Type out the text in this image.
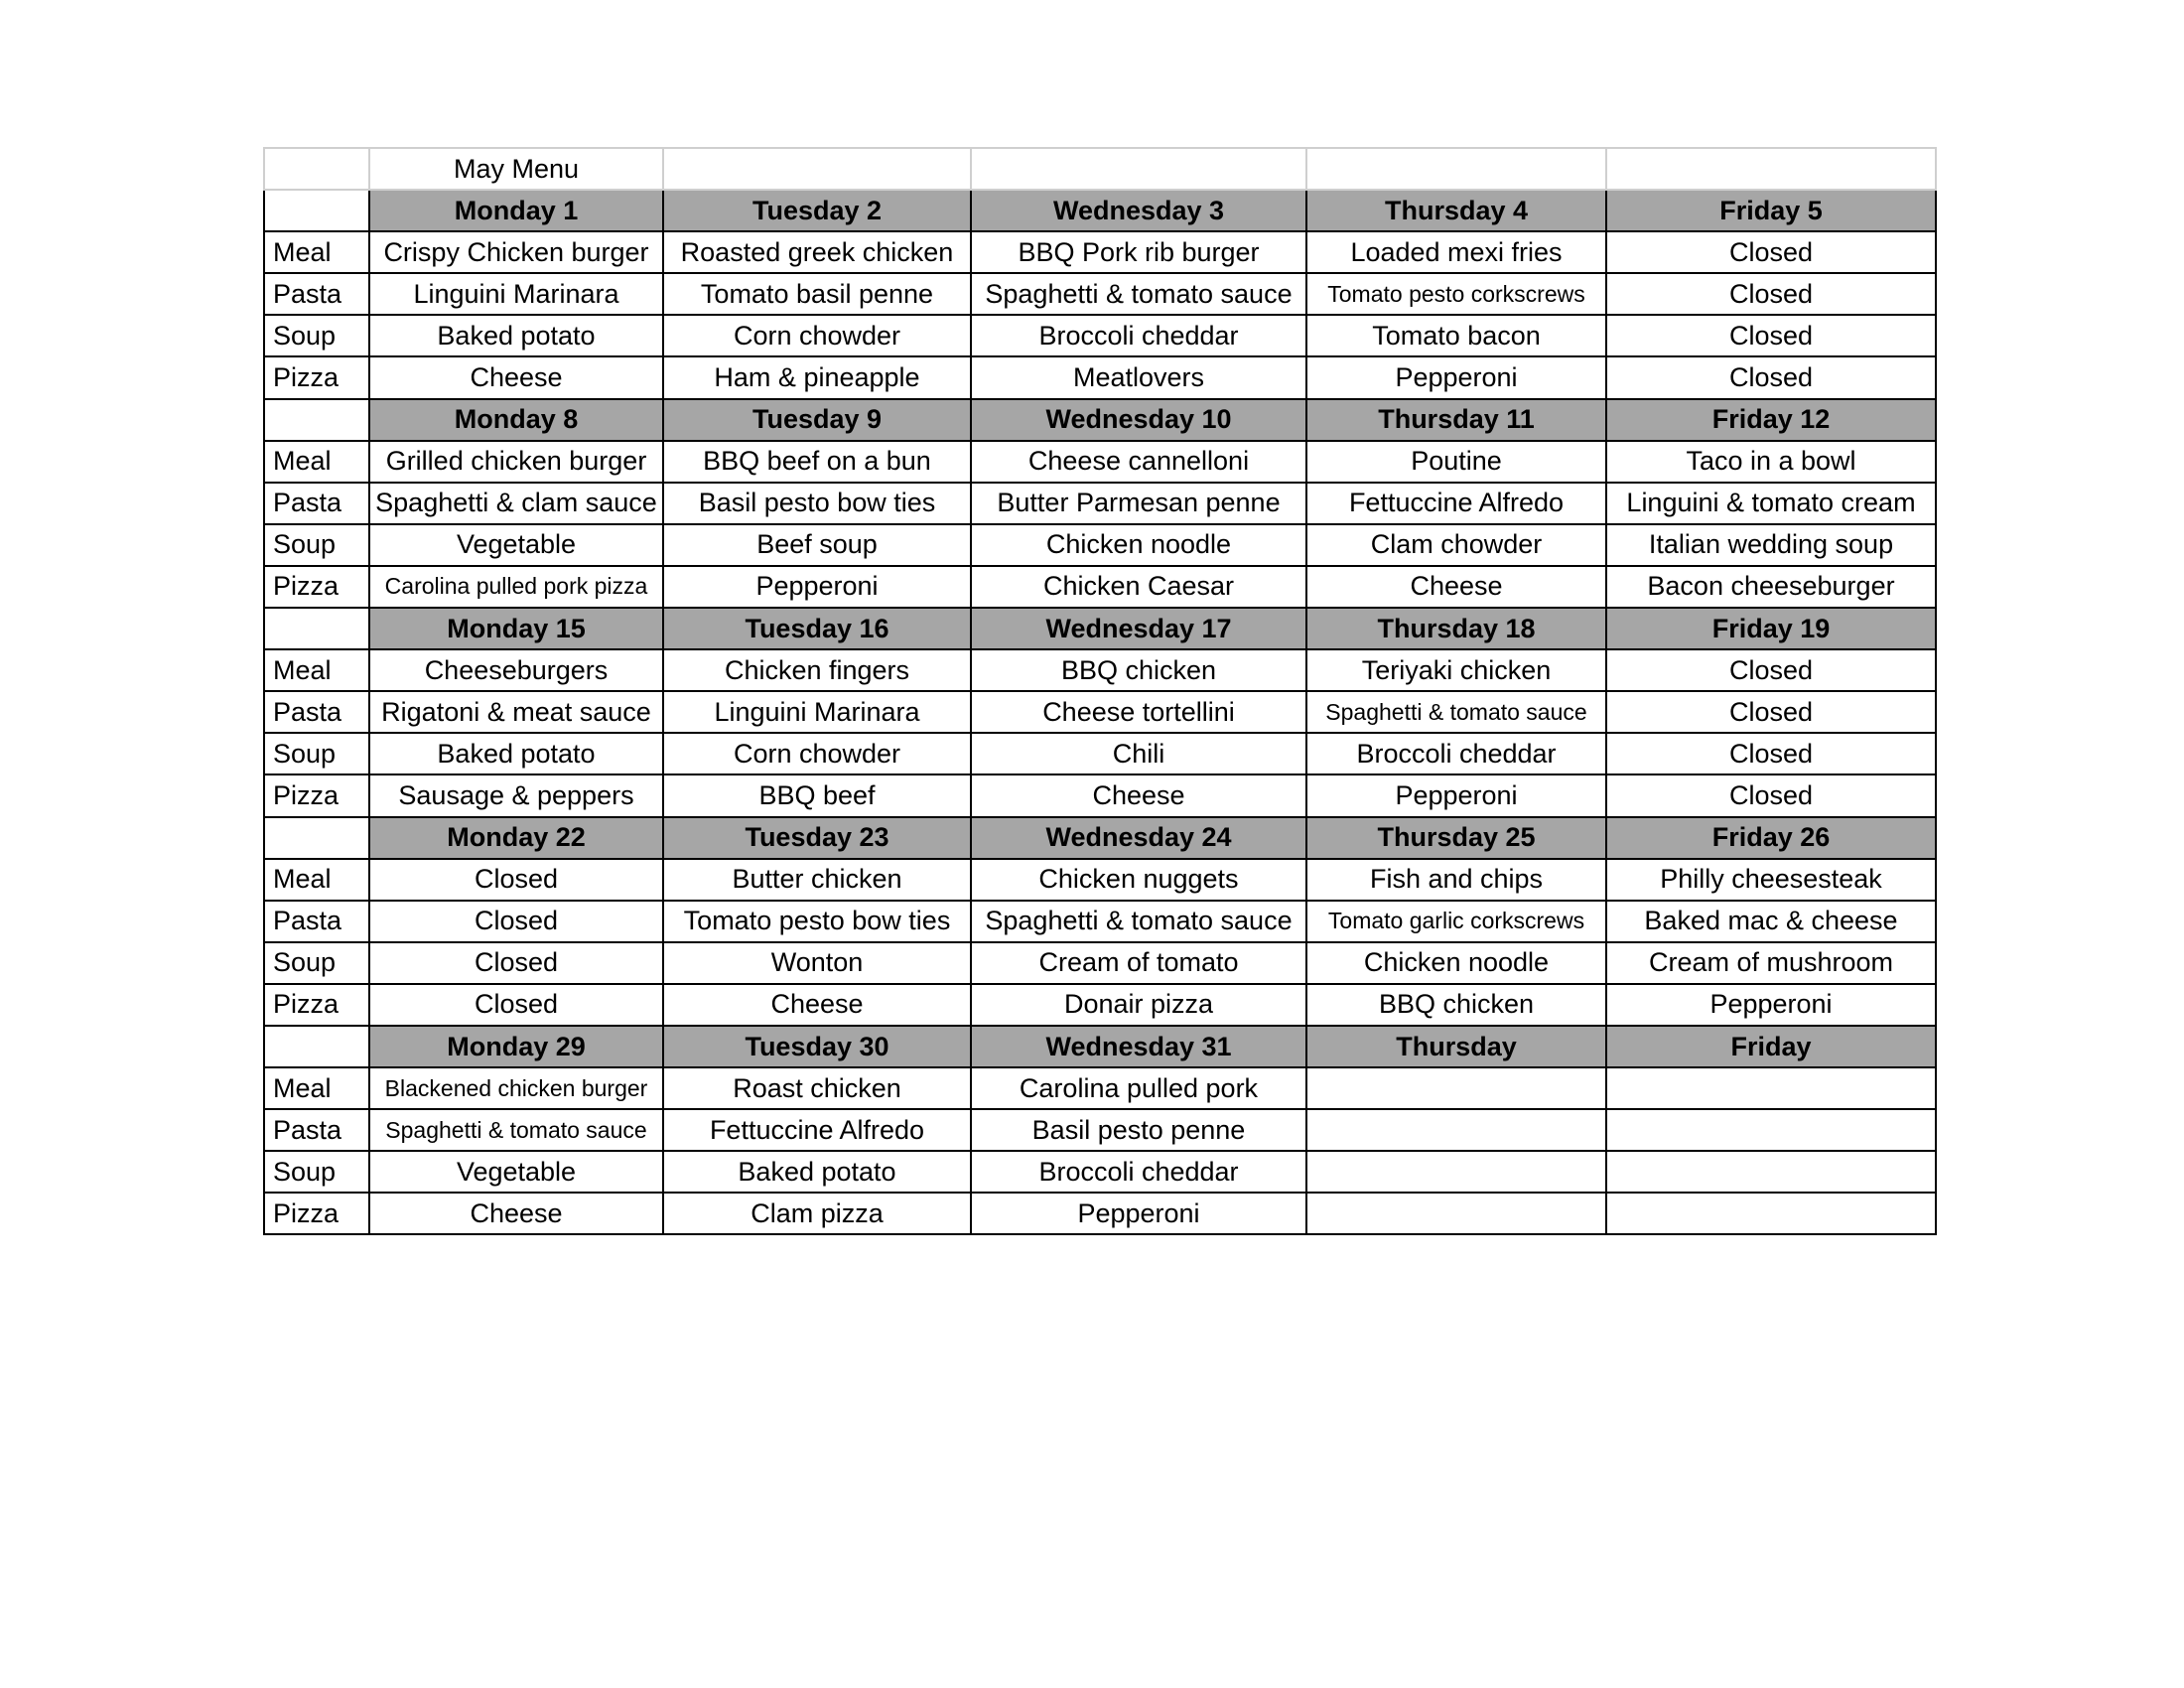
	May Menu				
	Monday 1	Tuesday 2	Wednesday 3	Thursday 4	Friday 5
Meal	Crispy Chicken burger	Roasted greek chicken	BBQ Pork rib burger	Loaded mexi fries	Closed
Pasta	Linguini Marinara	Tomato basil penne	Spaghetti & tomato sauce	Tomato pesto corkscrews	Closed
Soup	Baked potato	Corn chowder	Broccoli cheddar	Tomato bacon	Closed
Pizza	Cheese	Ham & pineapple	Meatlovers	Pepperoni	Closed
	Monday 8	Tuesday 9	Wednesday 10	Thursday 11	Friday 12
Meal	Grilled chicken burger	BBQ beef on a bun	Cheese cannelloni	Poutine	Taco in a bowl
Pasta	Spaghetti & clam sauce	Basil pesto bow ties	Butter Parmesan penne	Fettuccine Alfredo	Linguini & tomato cream
Soup	Vegetable	Beef soup	Chicken noodle	Clam chowder	Italian wedding soup
Pizza	Carolina pulled pork pizza	Pepperoni	Chicken Caesar	Cheese	Bacon cheeseburger
	Monday 15	Tuesday 16	Wednesday 17	Thursday 18	Friday 19
Meal	Cheeseburgers	Chicken fingers	BBQ chicken	Teriyaki chicken	Closed
Pasta	Rigatoni & meat sauce	Linguini Marinara	Cheese tortellini	Spaghetti & tomato sauce	Closed
Soup	Baked potato	Corn chowder	Chili	Broccoli cheddar	Closed
Pizza	Sausage & peppers	BBQ beef	Cheese	Pepperoni	Closed
	Monday 22	Tuesday 23	Wednesday 24	Thursday 25	Friday 26
Meal	Closed	Butter chicken	Chicken nuggets	Fish and chips	Philly cheesesteak
Pasta	Closed	Tomato pesto bow ties	Spaghetti & tomato sauce	Tomato garlic corkscrews	Baked mac & cheese
Soup	Closed	Wonton	Cream of tomato	Chicken noodle	Cream of mushroom
Pizza	Closed	Cheese	Donair pizza	BBQ chicken	Pepperoni
	Monday 29	Tuesday 30	Wednesday 31	Thursday	Friday
Meal	Blackened chicken burger	Roast chicken	Carolina pulled pork		
Pasta	Spaghetti & tomato sauce	Fettuccine Alfredo	Basil pesto penne		
Soup	Vegetable	Baked potato	Broccoli cheddar		
Pizza	Cheese	Clam pizza	Pepperoni		
